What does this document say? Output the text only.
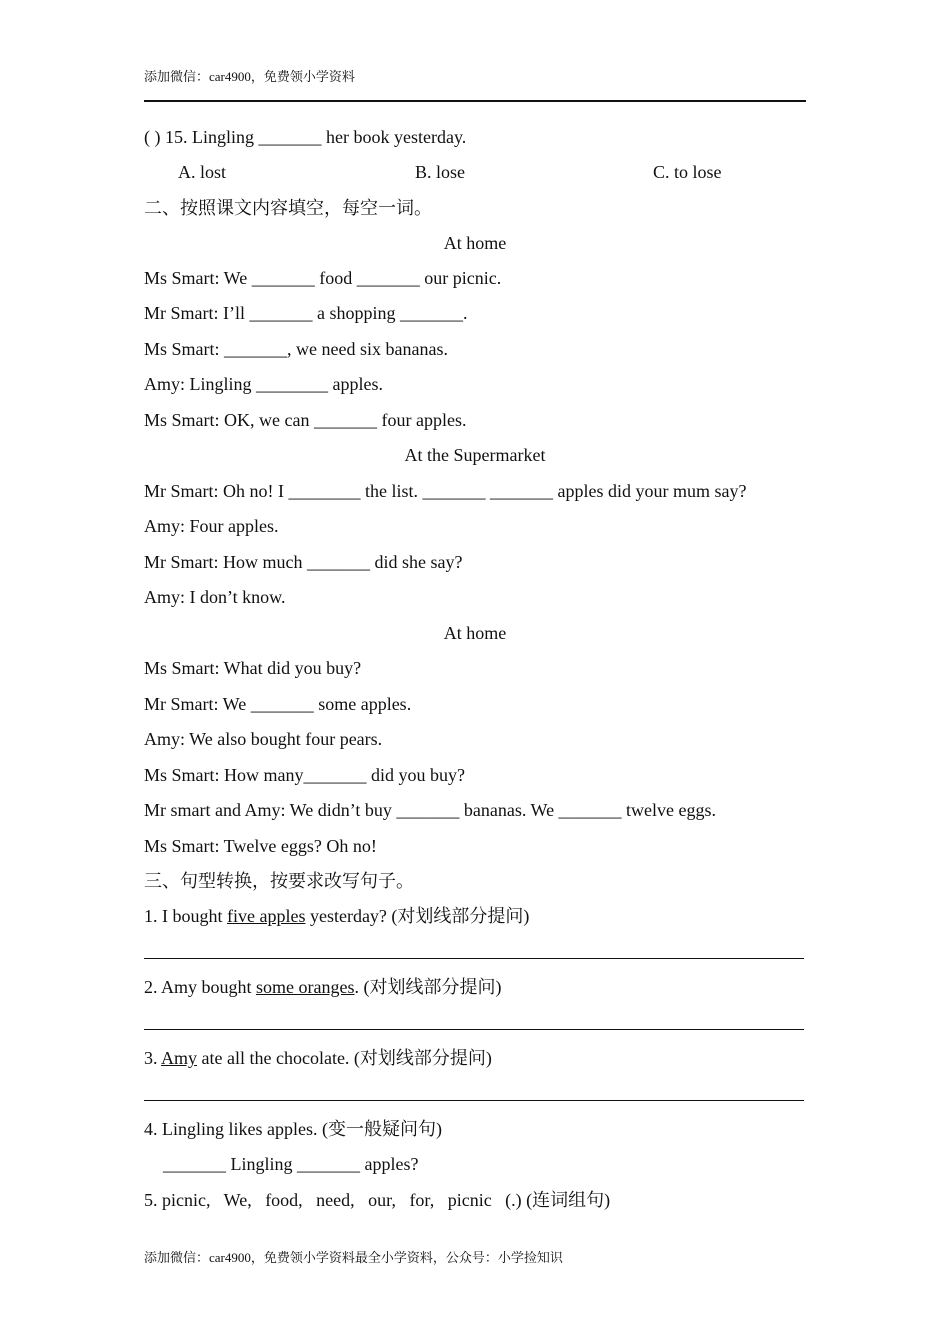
添加微信：car4900，免费领小学资料
( ) 15. Lingling _______ her book yesterday.
A. lost	B. lose	C. to lose
二、按照课文内容填空，每空一词。
At home
Ms Smart: We _______ food _______ our picnic.
Mr Smart: I’ll _______ a shopping _______.
Ms Smart: _______, we need six bananas.
Amy: Lingling ________ apples.
Ms Smart: OK, we can _______ four apples.
At the Supermarket
Mr Smart: Oh no! I ________ the list. _______ _______ apples did your mum say?
Amy: Four apples.
Mr Smart: How much _______ did she say?
Amy: I don’t know.
At home
Ms Smart: What did you buy?
Mr Smart: We _______ some apples.
Amy: We also bought four pears.
Ms Smart: How many_______ did you buy?
Mr smart and Amy: We didn’t buy _______ bananas. We _______ twelve eggs.
Ms Smart: Twelve eggs? Oh no!
三、句型转换，按要求改写句子。
1. I bought five apples yesterday? (对划线部分提问)
2. Amy bought some oranges. (对划线部分提问)
3. Amy ate all the chocolate. (对划线部分提问)
4. Lingling likes apples. (变一般疑问句)
_______ Lingling _______ apples?
5. picnic,   We,   food,   need,   our,   for,   picnic   (.) (连词组句)
添加微信：car4900，免费领小学资料最全小学资料，公众号：小学捡知识
